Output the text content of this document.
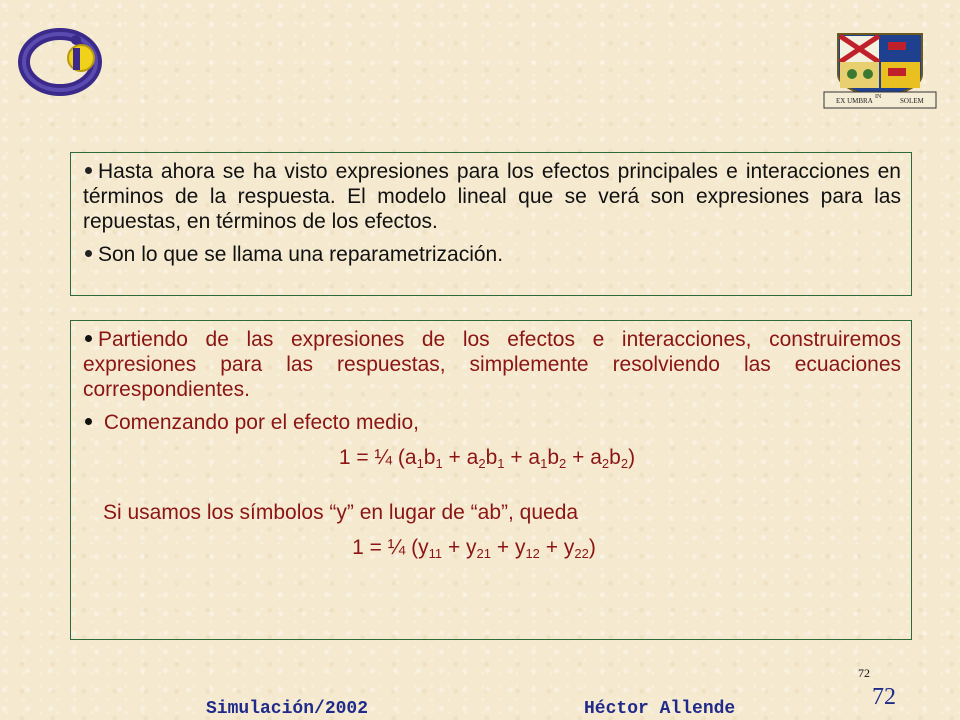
EX UMBRA IN	SOLEM

Hasta ahora se ha visto expresiones para los efectos principales e interacciones en términos de la respuesta. El modelo lineal que se verá son expresiones para las repuestas, en términos de los efectos.

Son lo que se llama una reparametrización.

Partiendo de las expresiones de los efectos e interacciones, construiremos expresiones para las respuestas, simplemente resolviendo las ecuaciones correspondientes.

Comenzando por el efecto medio,

1 = ¼ $(a_1b_1 + a_2b_1 + a_1b_2 + a_2b_2)$
Si usamos los símbolos “y” en lugar de “ab”, queda
1 = ¼ $(y_{11} + y_{21} + y_{12} + y_{22})$
72
72
Simulación/2002	Héctor Allende
